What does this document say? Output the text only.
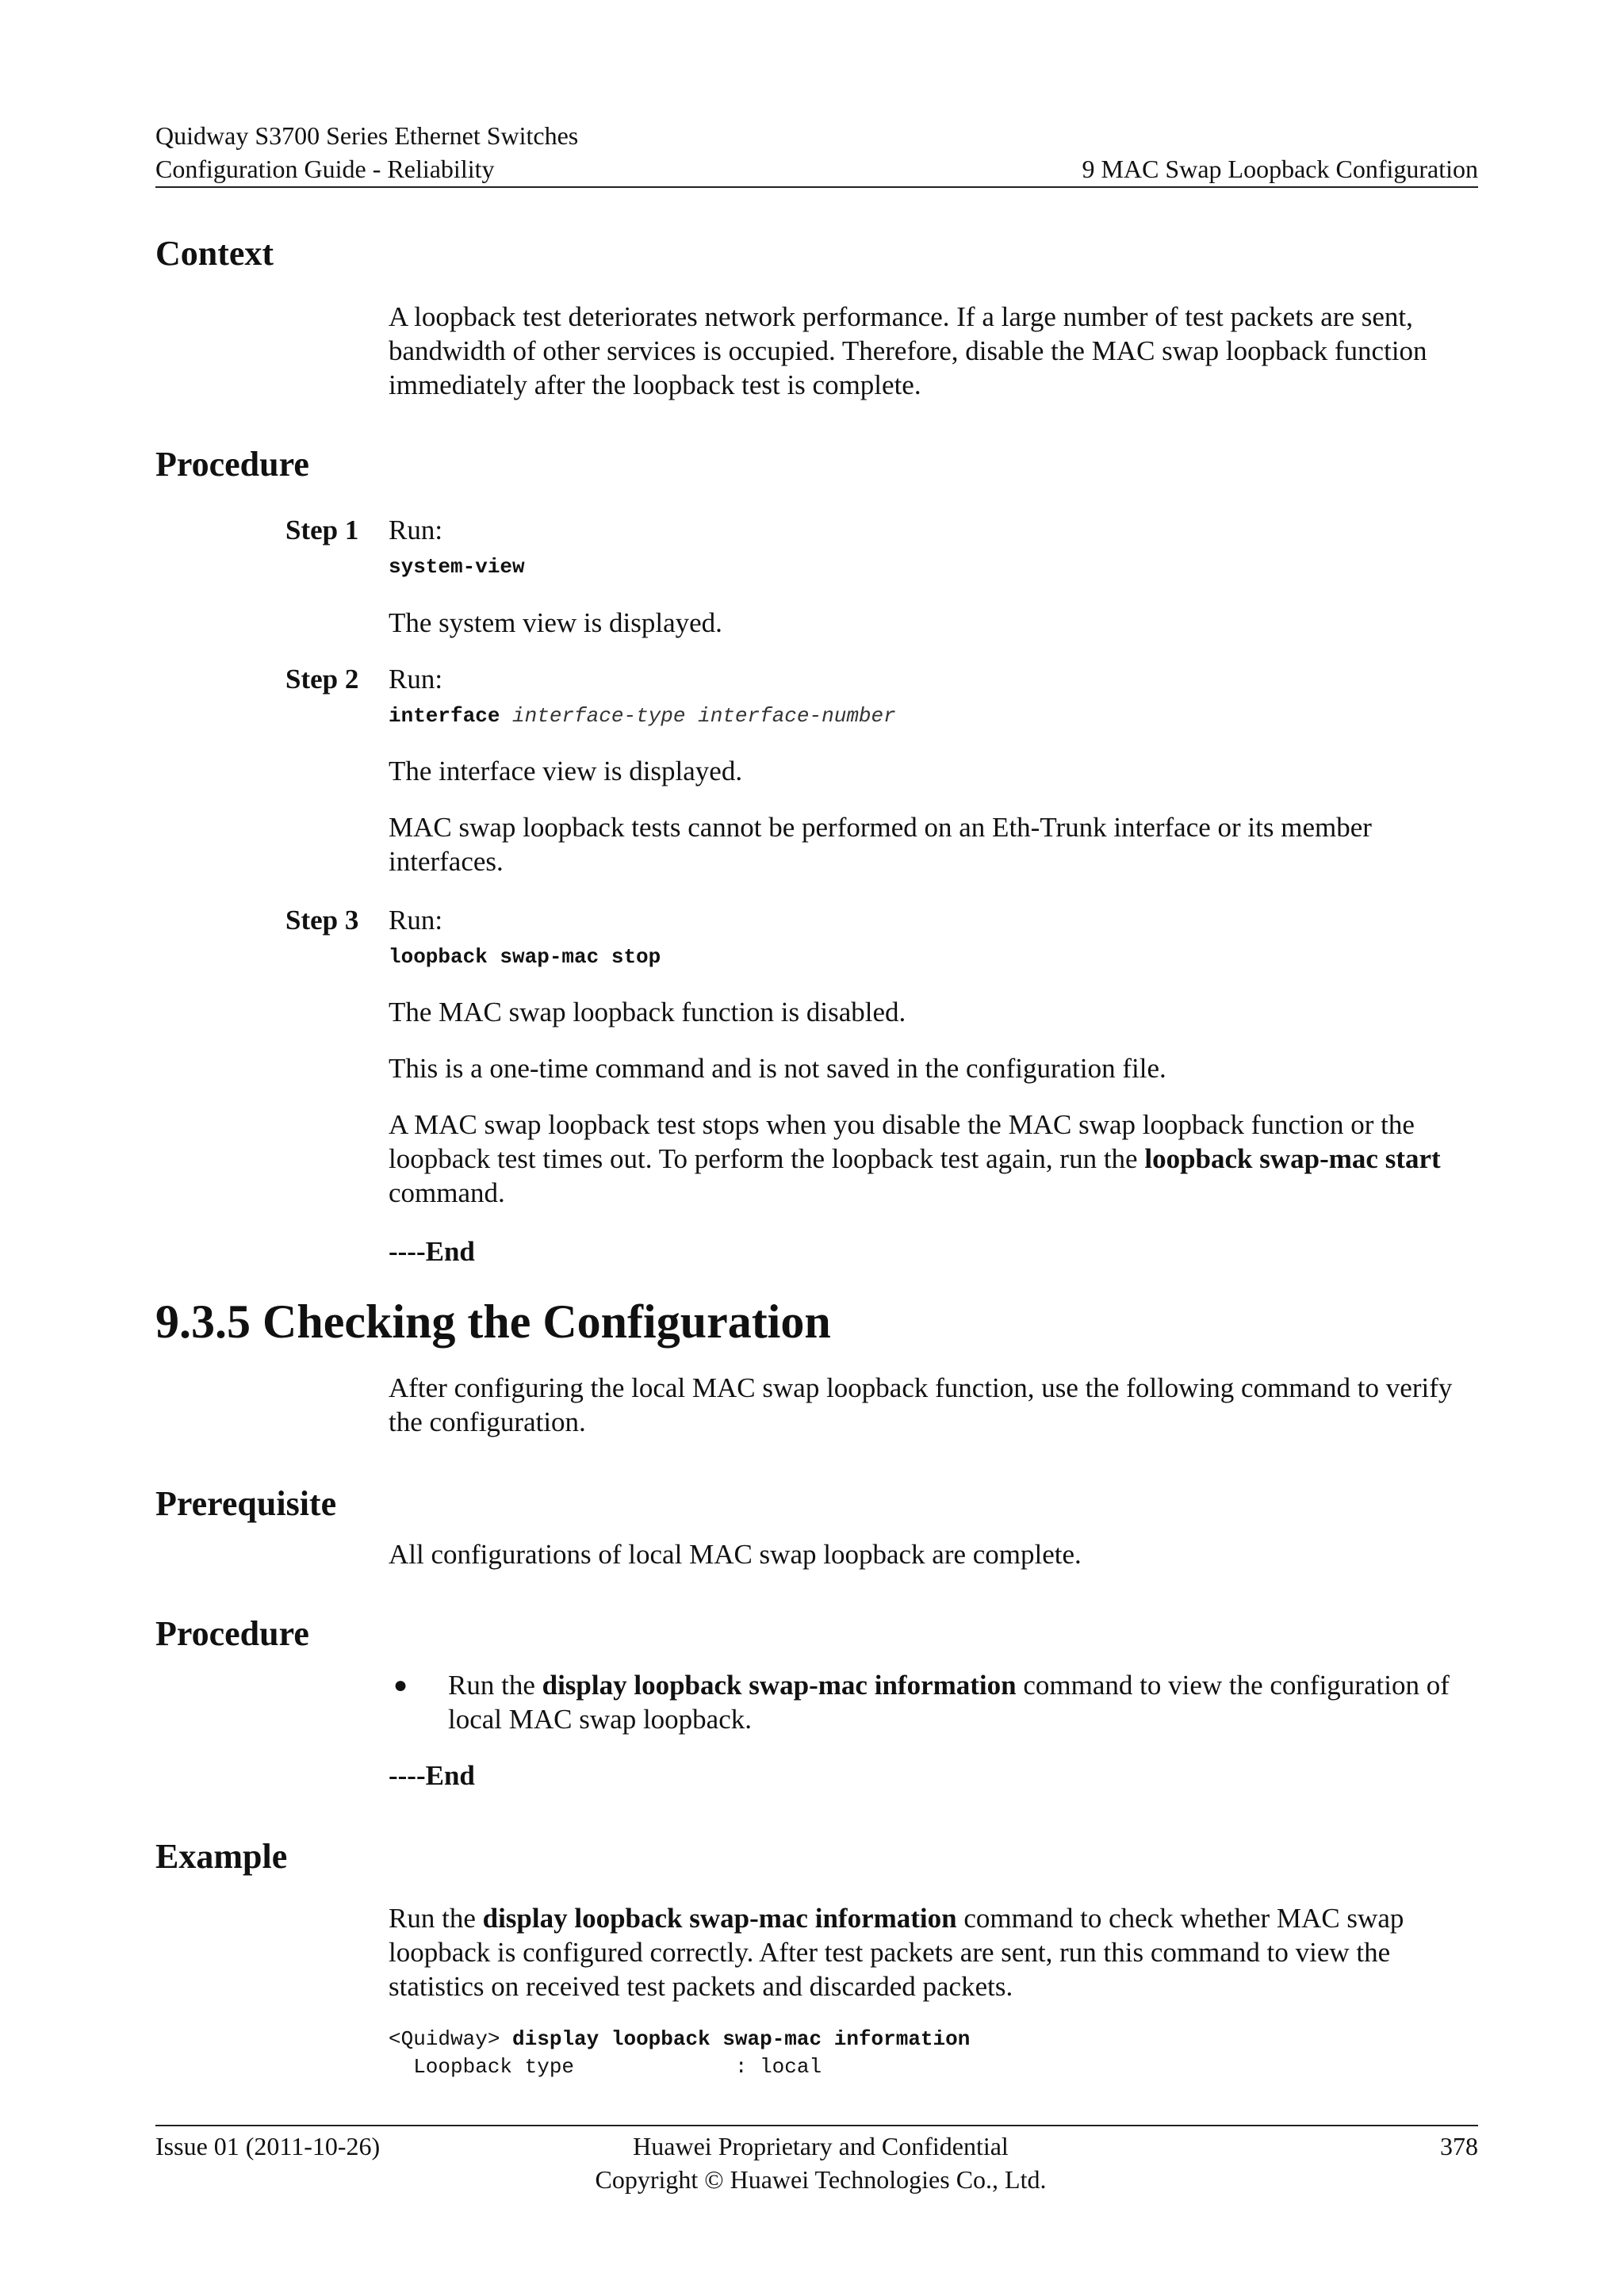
Quidway S3700 Series Ethernet Switches
Configuration Guide - Reliability	9 MAC Swap Loopback Configuration
Context
A loopback test deteriorates network performance. If a large number of test packets are sent, bandwidth of other services is occupied. Therefore, disable the MAC swap loopback function immediately after the loopback test is complete.
Procedure
Step 1 Run:
system-view
The system view is displayed.
Step 2 Run:
interface interface-type interface-number
The interface view is displayed.
MAC swap loopback tests cannot be performed on an Eth-Trunk interface or its member interfaces.
Step 3 Run:
loopback swap-mac stop
The MAC swap loopback function is disabled.
This is a one-time command and is not saved in the configuration file.
A MAC swap loopback test stops when you disable the MAC swap loopback function or the loopback test times out. To perform the loopback test again, run the loopback swap-mac start command.
----End
9.3.5 Checking the Configuration
After configuring the local MAC swap loopback function, use the following command to verify the configuration.
Prerequisite
All configurations of local MAC swap loopback are complete.
Procedure
● Run the display loopback swap-mac information command to view the configuration of local MAC swap loopback.
----End
Example
Run the display loopback swap-mac information command to check whether MAC swap loopback is configured correctly. After test packets are sent, run this command to view the statistics on received test packets and discarded packets.
<Quidway> display loopback swap-mac information
Loopback type             : local
Issue 01 (2011-10-26)	Huawei Proprietary and Confidential
Copyright © Huawei Technologies Co., Ltd.
378
